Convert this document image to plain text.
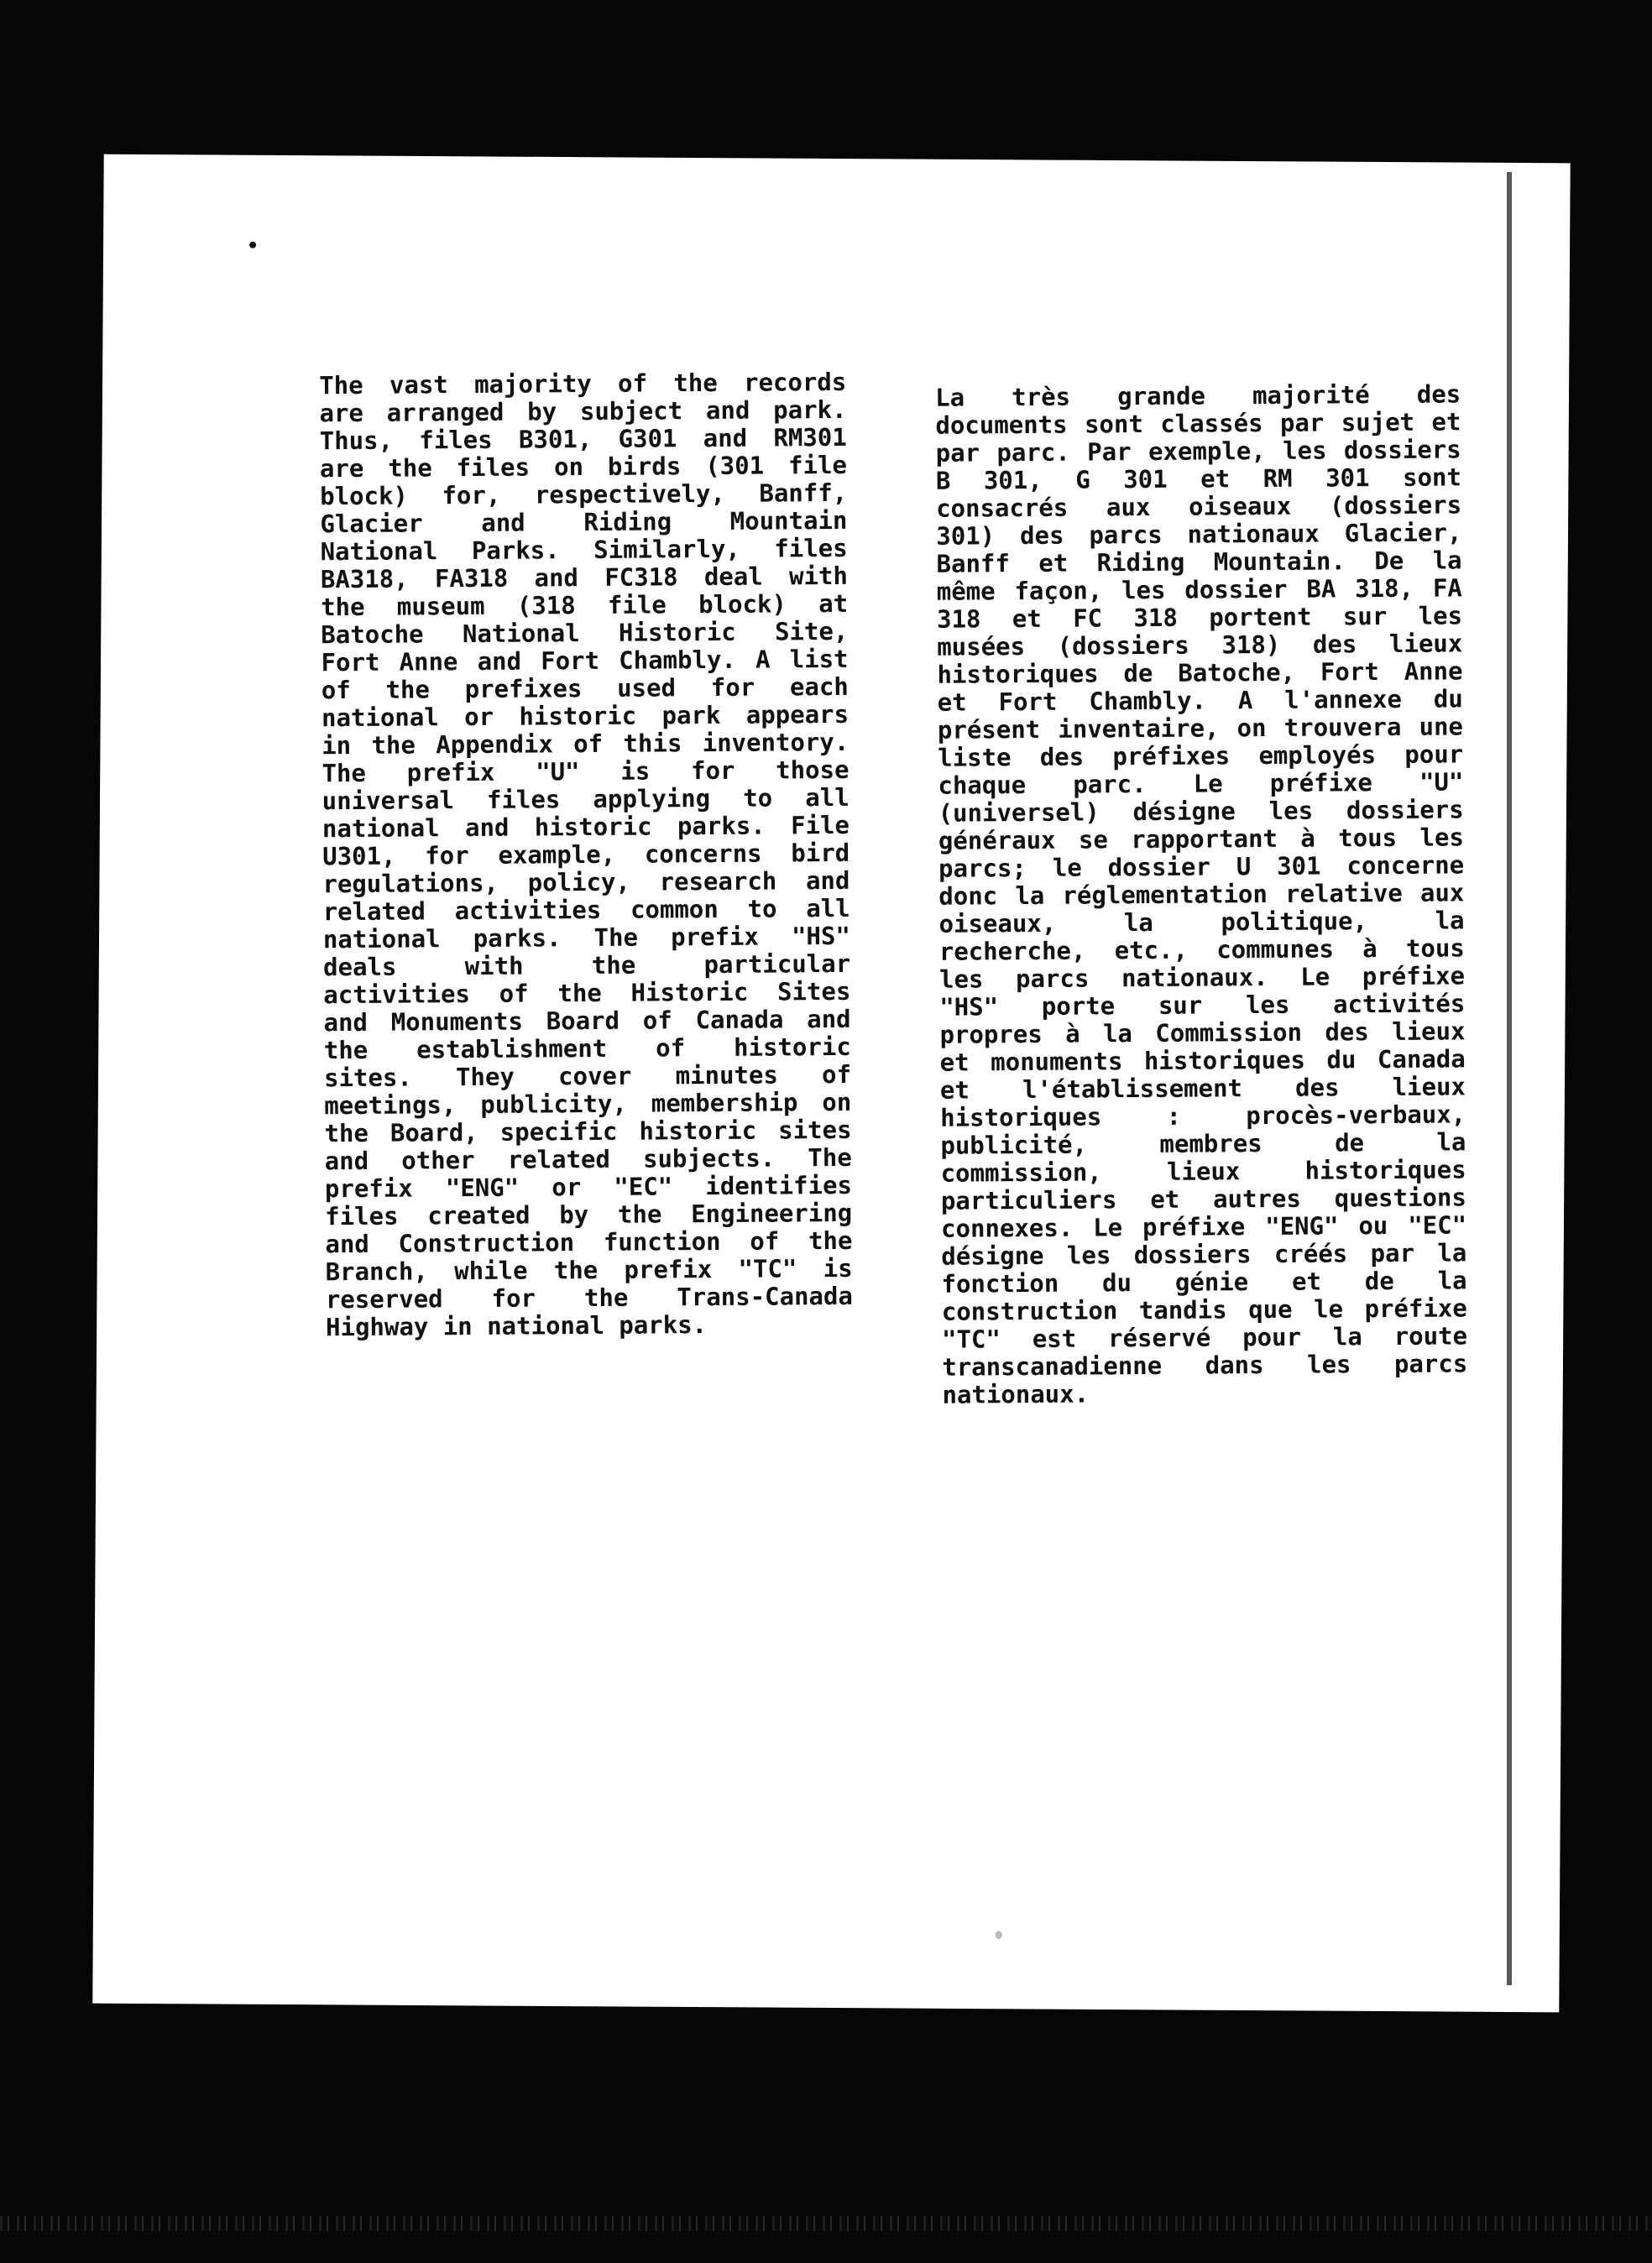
The vast majority of the records are arranged by subject and park. Thus, files B301, G301 and RM301 are the files on birds (301 file block) for, respectively, Banff, Glacier and Riding Mountain National Parks. Similarly, files BA318, FA318 and FC318 deal with the museum (318 file block) at Batoche National Historic Site, Fort Anne and Fort Chambly. A list of the prefixes used for each national or historic park appears in the Appendix of this inventory. The prefix "U" is for those universal files applying to all national and historic parks. File U301, for example, concerns bird regulations, policy, research and related activities common to all national parks. The prefix "HS" deals with the particular activities of the Historic Sites and Monuments Board of Canada and the establishment of historic sites. They cover minutes of meetings, publicity, membership on the Board, specific historic sites and other related subjects. The prefix "ENG" or "EC" identifies files created by the Engineering and Construction function of the Branch, while the prefix "TC" is reserved for the Trans-Canada Highway in national parks.
La très grande majorité des documents sont classés par sujet et par parc. Par exemple, les dossiers B 301, G 301 et RM 301 sont consacrés aux oiseaux (dossiers 301) des parcs nationaux Glacier, Banff et Riding Mountain. De la même façon, les dossier BA 318, FA 318 et FC 318 portent sur les musées (dossiers 318) des lieux historiques de Batoche, Fort Anne et Fort Chambly. A l'annexe du présent inventaire, on trouvera une liste des préfixes employés pour chaque parc. Le préfixe "U" (universel) désigne les dossiers généraux se rapportant à tous les parcs; le dossier U 301 concerne donc la réglementation relative aux oiseaux, la politique, la recherche, etc., communes à tous les parcs nationaux. Le préfixe "HS" porte sur les activités propres à la Commission des lieux et monuments historiques du Canada et l'établissement des lieux historiques : procès-verbaux, publicité, membres de la commission, lieux historiques particuliers et autres questions connexes. Le préfixe "ENG" ou "EC" désigne les dossiers créés par la fonction du génie et de la construction tandis que le préfixe "TC" est réservé pour la route transcanadienne dans les parcs nationaux.
